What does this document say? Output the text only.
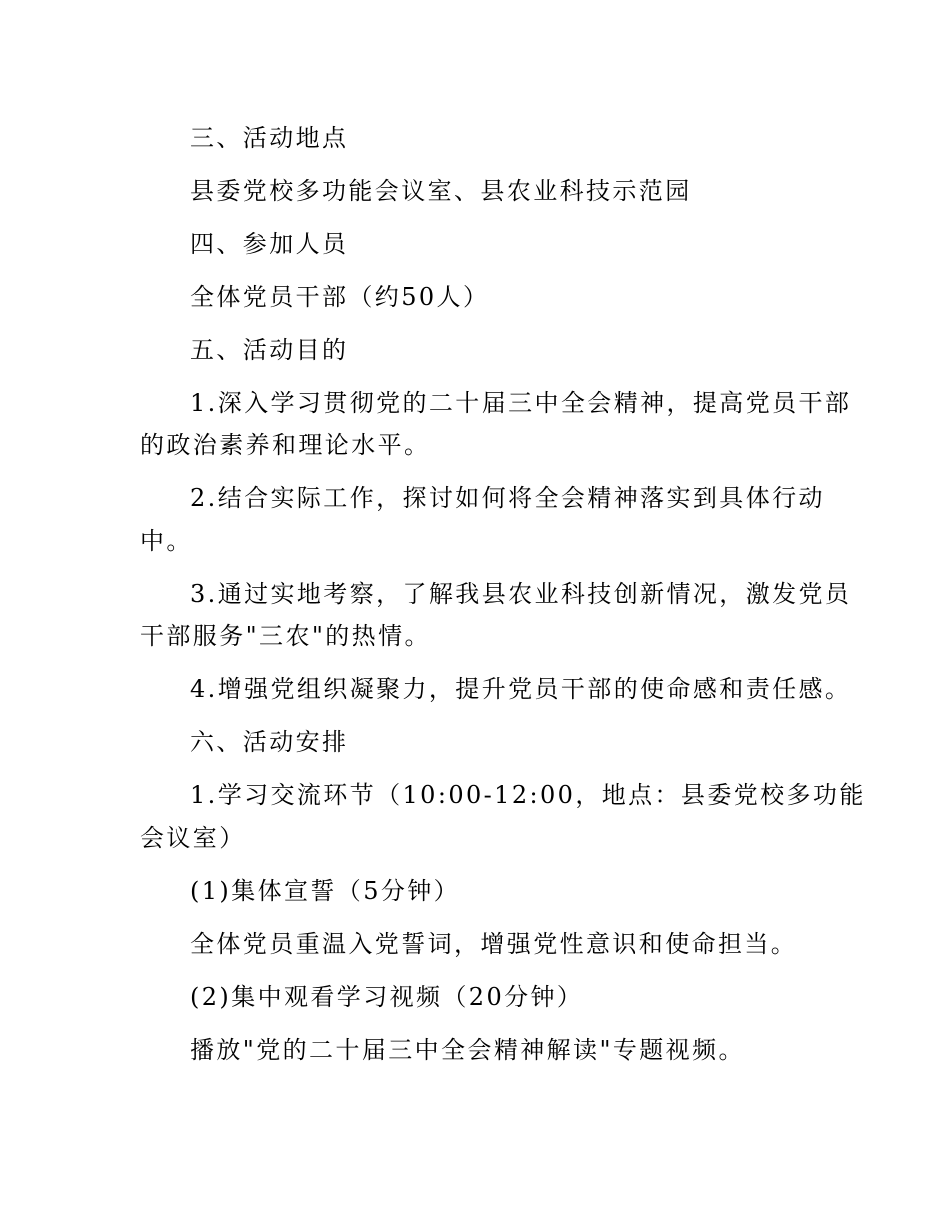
三、活动地点
县委党校多功能会议室、县农业科技示范园
四、参加人员
全体党员干部（约50人）
五、活动目的
1.深入学习贯彻党的二十届三中全会精神，提高党员干部
的政治素养和理论水平。
2.结合实际工作，探讨如何将全会精神落实到具体行动
中。
3.通过实地考察，了解我县农业科技创新情况，激发党员
干部服务"三农"的热情。
4.增强党组织凝聚力，提升党员干部的使命感和责任感。
六、活动安排
1.学习交流环节（10:00-12:00，地点：县委党校多功能
会议室）
(1)集体宣誓（5分钟）
全体党员重温入党誓词，增强党性意识和使命担当。
(2)集中观看学习视频（20分钟）
播放"党的二十届三中全会精神解读"专题视频。
